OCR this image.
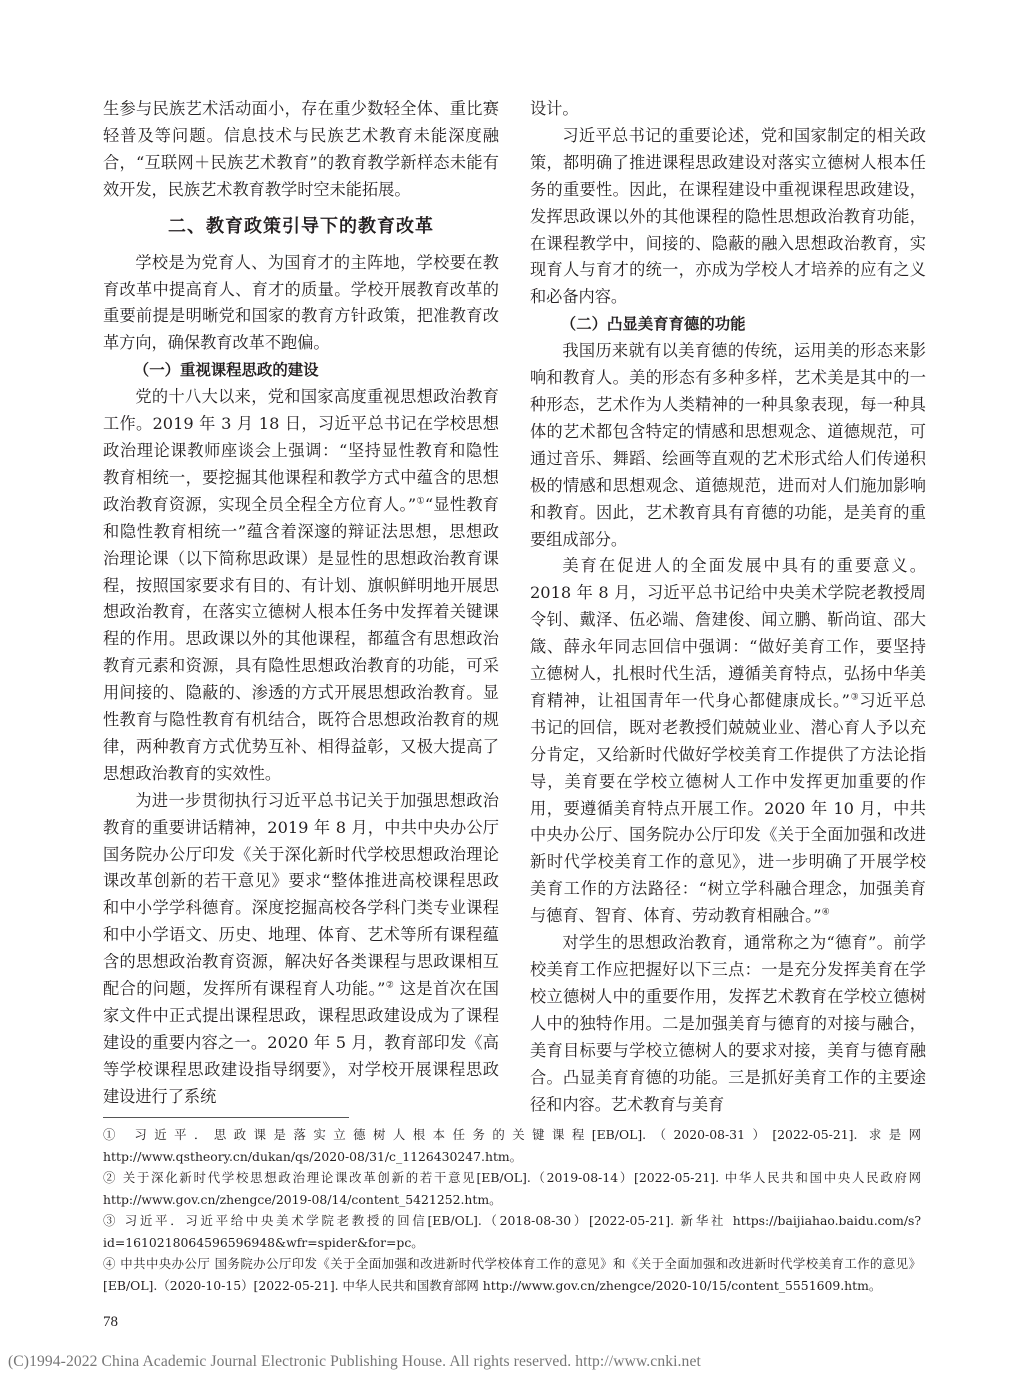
生参与民族艺术活动面小，存在重少数轻全体、重比赛轻普及等问题。信息技术与民族艺术教育未能深度融合，“互联网＋民族艺术教育”的教育教学新样态未能有效开发，民族艺术教育教学时空未能拓展。

二、教育政策引导下的教育改革

学校是为党育人、为国育才的主阵地，学校要在教育改革中提高育人、育才的质量。学校开展教育改革的重要前提是明晰党和国家的教育方针政策，把准教育改革方向，确保教育改革不跑偏。

（一）重视课程思政的建设

党的十八大以来，党和国家高度重视思想政治教育工作。2019 年 3 月 18 日，习近平总书记在学校思想政治理论课教师座谈会上强调：“坚持显性教育和隐性教育相统一，要挖掘其他课程和教学方式中蕴含的思想政治教育资源，实现全员全程全方位育人。”①“显性教育和隐性教育相统一”蕴含着深邃的辩证法思想，思想政治理论课（以下简称思政课）是显性的思想政治教育课程，按照国家要求有目的、有计划、旗帜鲜明地开展思想政治教育，在落实立德树人根本任务中发挥着关键课程的作用。思政课以外的其他课程，都蕴含有思想政治教育元素和资源，具有隐性思想政治教育的功能，可采用间接的、隐蔽的、渗透的方式开展思想政治教育。显性教育与隐性教育有机结合，既符合思想政治教育的规律，两种教育方式优势互补、相得益彰，又极大提高了思想政治教育的实效性。

为进一步贯彻执行习近平总书记关于加强思想政治教育的重要讲话精神，2019 年 8 月，中共中央办公厅 国务院办公厅印发《关于深化新时代学校思想政治理论课改革创新的若干意见》要求“整体推进高校课程思政和中小学学科德育。深度挖掘高校各学科门类专业课程和中小学语文、历史、地理、体育、艺术等所有课程蕴含的思想政治教育资源，解决好各类课程与思政课相互配合的问题，发挥所有课程育人功能。”② 这是首次在国家文件中正式提出课程思政，课程思政建设成为了课程建设的重要内容之一。2020 年 5 月，教育部印发《高等学校课程思政建设指导纲要》，对学校开展课程思政建设进行了系统

设计。

习近平总书记的重要论述，党和国家制定的相关政策，都明确了推进课程思政建设对落实立德树人根本任务的重要性。因此，在课程建设中重视课程思政建设，发挥思政课以外的其他课程的隐性思想政治教育功能，在课程教学中，间接的、隐蔽的融入思想政治教育，实现育人与育才的统一，亦成为学校人才培养的应有之义和必备内容。

（二）凸显美育育德的功能

我国历来就有以美育德的传统，运用美的形态来影响和教育人。美的形态有多种多样，艺术美是其中的一种形态，艺术作为人类精神的一种具象表现，每一种具体的艺术都包含特定的情感和思想观念、道德规范，可通过音乐、舞蹈、绘画等直观的艺术形式给人们传递积极的情感和思想观念、道德规范，进而对人们施加影响和教育。因此，艺术教育具有育德的功能，是美育的重要组成部分。

美育在促进人的全面发展中具有的重要意义。2018 年 8 月，习近平总书记给中央美术学院老教授周令钊、戴泽、伍必端、詹建俊、闻立鹏、靳尚谊、邵大箴、薛永年同志回信中强调：“做好美育工作，要坚持立德树人，扎根时代生活，遵循美育特点，弘扬中华美育精神，让祖国青年一代身心都健康成长。”③习近平总书记的回信，既对老教授们兢兢业业、潜心育人予以充分肯定，又给新时代做好学校美育工作提供了方法论指导，美育要在学校立德树人工作中发挥更加重要的作用，要遵循美育特点开展工作。2020 年 10 月，中共中央办公厅、国务院办公厅印发《关于全面加强和改进新时代学校美育工作的意见》，进一步明确了开展学校美育工作的方法路径：“树立学科融合理念，加强美育与德育、智育、体育、劳动教育相融合。”④

对学生的思想政治教育，通常称之为“德育”。前学校美育工作应把握好以下三点：一是充分发挥美育在学校立德树人中的重要作用，发挥艺术教育在学校立德树人中的独特作用。二是加强美育与德育的对接与融合，美育目标要与学校立德树人的要求对接，美育与德育融合。凸显美育育德的功能。三是抓好美育工作的主要途径和内容。艺术教育与美育

① 习近平．思政课是落实立德树人根本任务的关键课程[EB/OL].（2020-08-31）[2022-05-21]. 求是网 http://www.qstheory.cn/dukan/qs/2020-08/31/c_1126430247.htm。

② 关于深化新时代学校思想政治理论课改革创新的若干意见[EB/OL].（2019-08-14）[2022-05-21]. 中华人民共和国中央人民政府网 http://www.gov.cn/zhengce/2019-08/14/content_5421252.htm。

③ 习近平．习近平给中央美术学院老教授的回信[EB/OL].（2018-08-30）[2022-05-21]. 新华社 https://baijiahao.baidu.com/s?id=1610218064596596948&wfr=spider&for=pc。

④ 中共中央办公厅 国务院办公厅印发《关于全面加强和改进新时代学校体育工作的意见》和《关于全面加强和改进新时代学校美育工作的意见》[EB/OL].（2020-10-15）[2022-05-21]. 中华人民共和国教育部网 http://www.gov.cn/zhengce/2020-10/15/content_5551609.htm。

78
(C)1994-2022 China Academic Journal Electronic Publishing House. All rights reserved. http://www.cnki.net
